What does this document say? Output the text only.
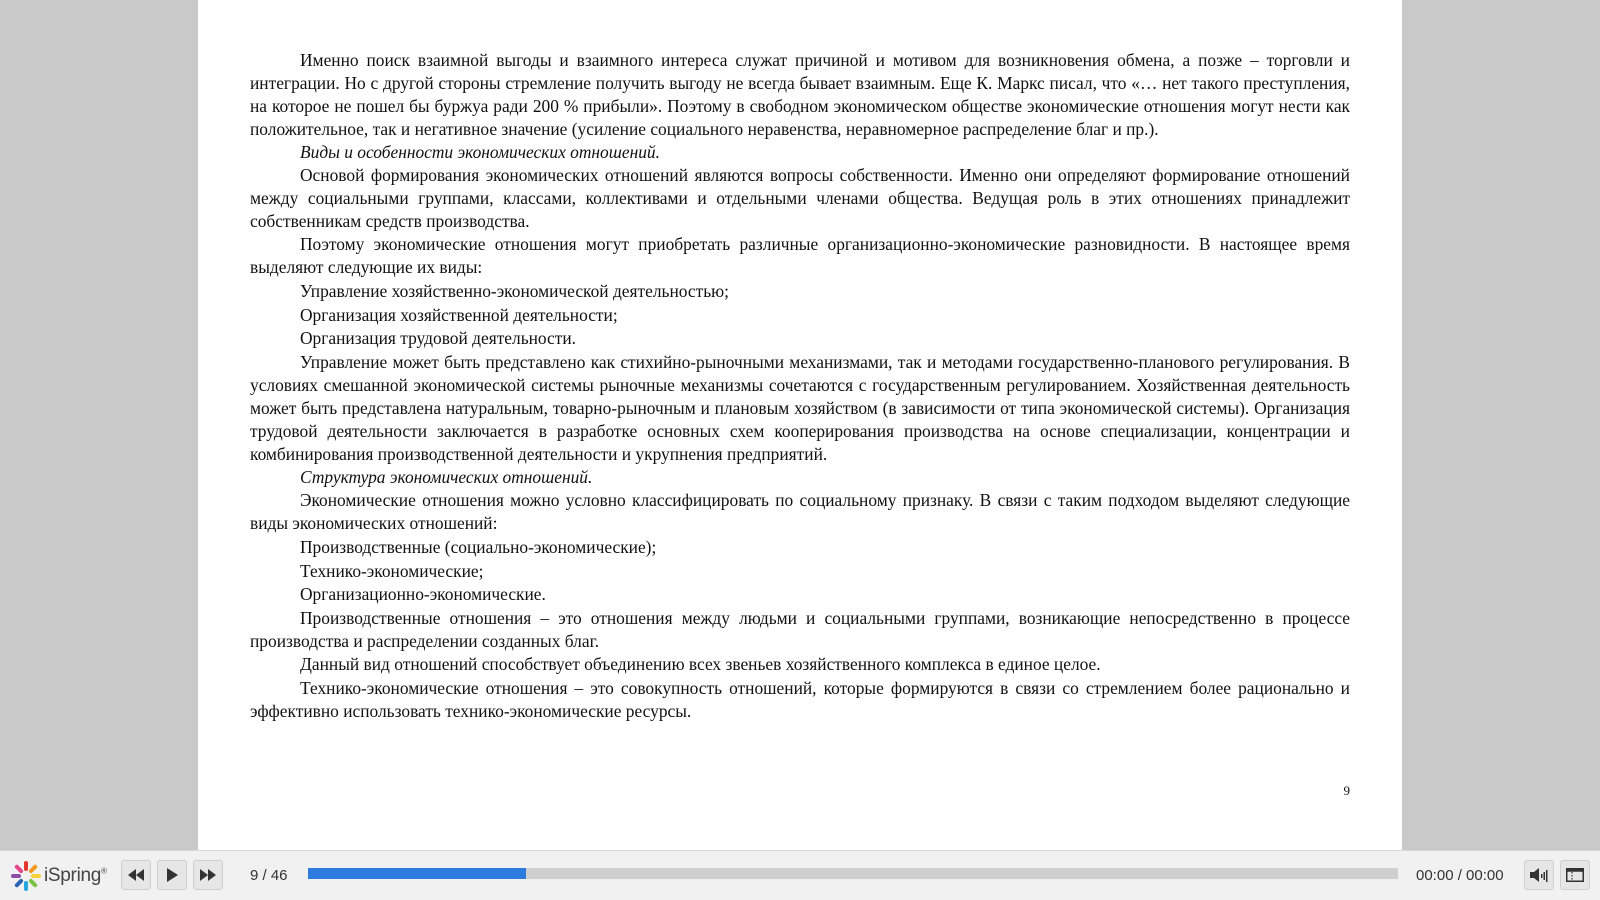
Именно поиск взаимной выгоды и взаимного интереса служат причиной и мотивом для возникновения обмена, а позже – торговли и интеграции. Но с другой стороны стремление получить выгоду не всегда бывает взаимным. Еще К. Маркс писал, что «… нет такого преступления, на которое не пошел бы буржуа ради 200 % прибыли». Поэтому в свободном экономическом обществе экономические отношения могут нести как положительное, так и негативное значение (усиление социального неравенства, неравномерное распределение благ и пр.).

Виды и особенности экономических отношений.

Основой формирования экономических отношений являются вопросы собственности. Именно они определяют формирование отношений между социальными группами, классами, коллективами и отдельными членами общества. Ведущая роль в этих отношениях принадлежит собственникам средств производства.

Поэтому экономические отношения могут приобретать различные организационно-экономические разновидности. В настоящее время выделяют следующие их виды:

Управление хозяйственно-экономической деятельностью;

Организация хозяйственной деятельности;

Организация трудовой деятельности.

Управление может быть представлено как стихийно-рыночными механизмами, так и методами государственно-планового регулирования. В условиях смешанной экономической системы рыночные механизмы сочетаются с государственным регулированием. Хозяйственная деятельность может быть представлена натуральным, товарно-рыночным и плановым хозяйством (в зависимости от типа экономической системы). Организация трудовой деятельности заключается в разработке основных схем кооперирования производства на основе специализации, концентрации и комбинирования производственной деятельности и укрупнения предприятий.

Структура экономических отношений.

Экономические отношения можно условно классифицировать по социальному признаку. В связи с таким подходом выделяют следующие виды экономических отношений:

Производственные (социально-экономические);

Технико-экономические;

Организационно-экономические.

Производственные отношения – это отношения между людьми и социальными группами, возникающие непосредственно в процессе производства и распределении созданных благ.

Данный вид отношений способствует объединению всех звеньев хозяйственного комплекса в единое целое.

Технико-экономические отношения – это совокупность отношений, которые формируются в связи со стремлением более рационально и эффективно использовать технико-экономические ресурсы.

9
iSpring®	9 / 46	00:00 / 00:00
